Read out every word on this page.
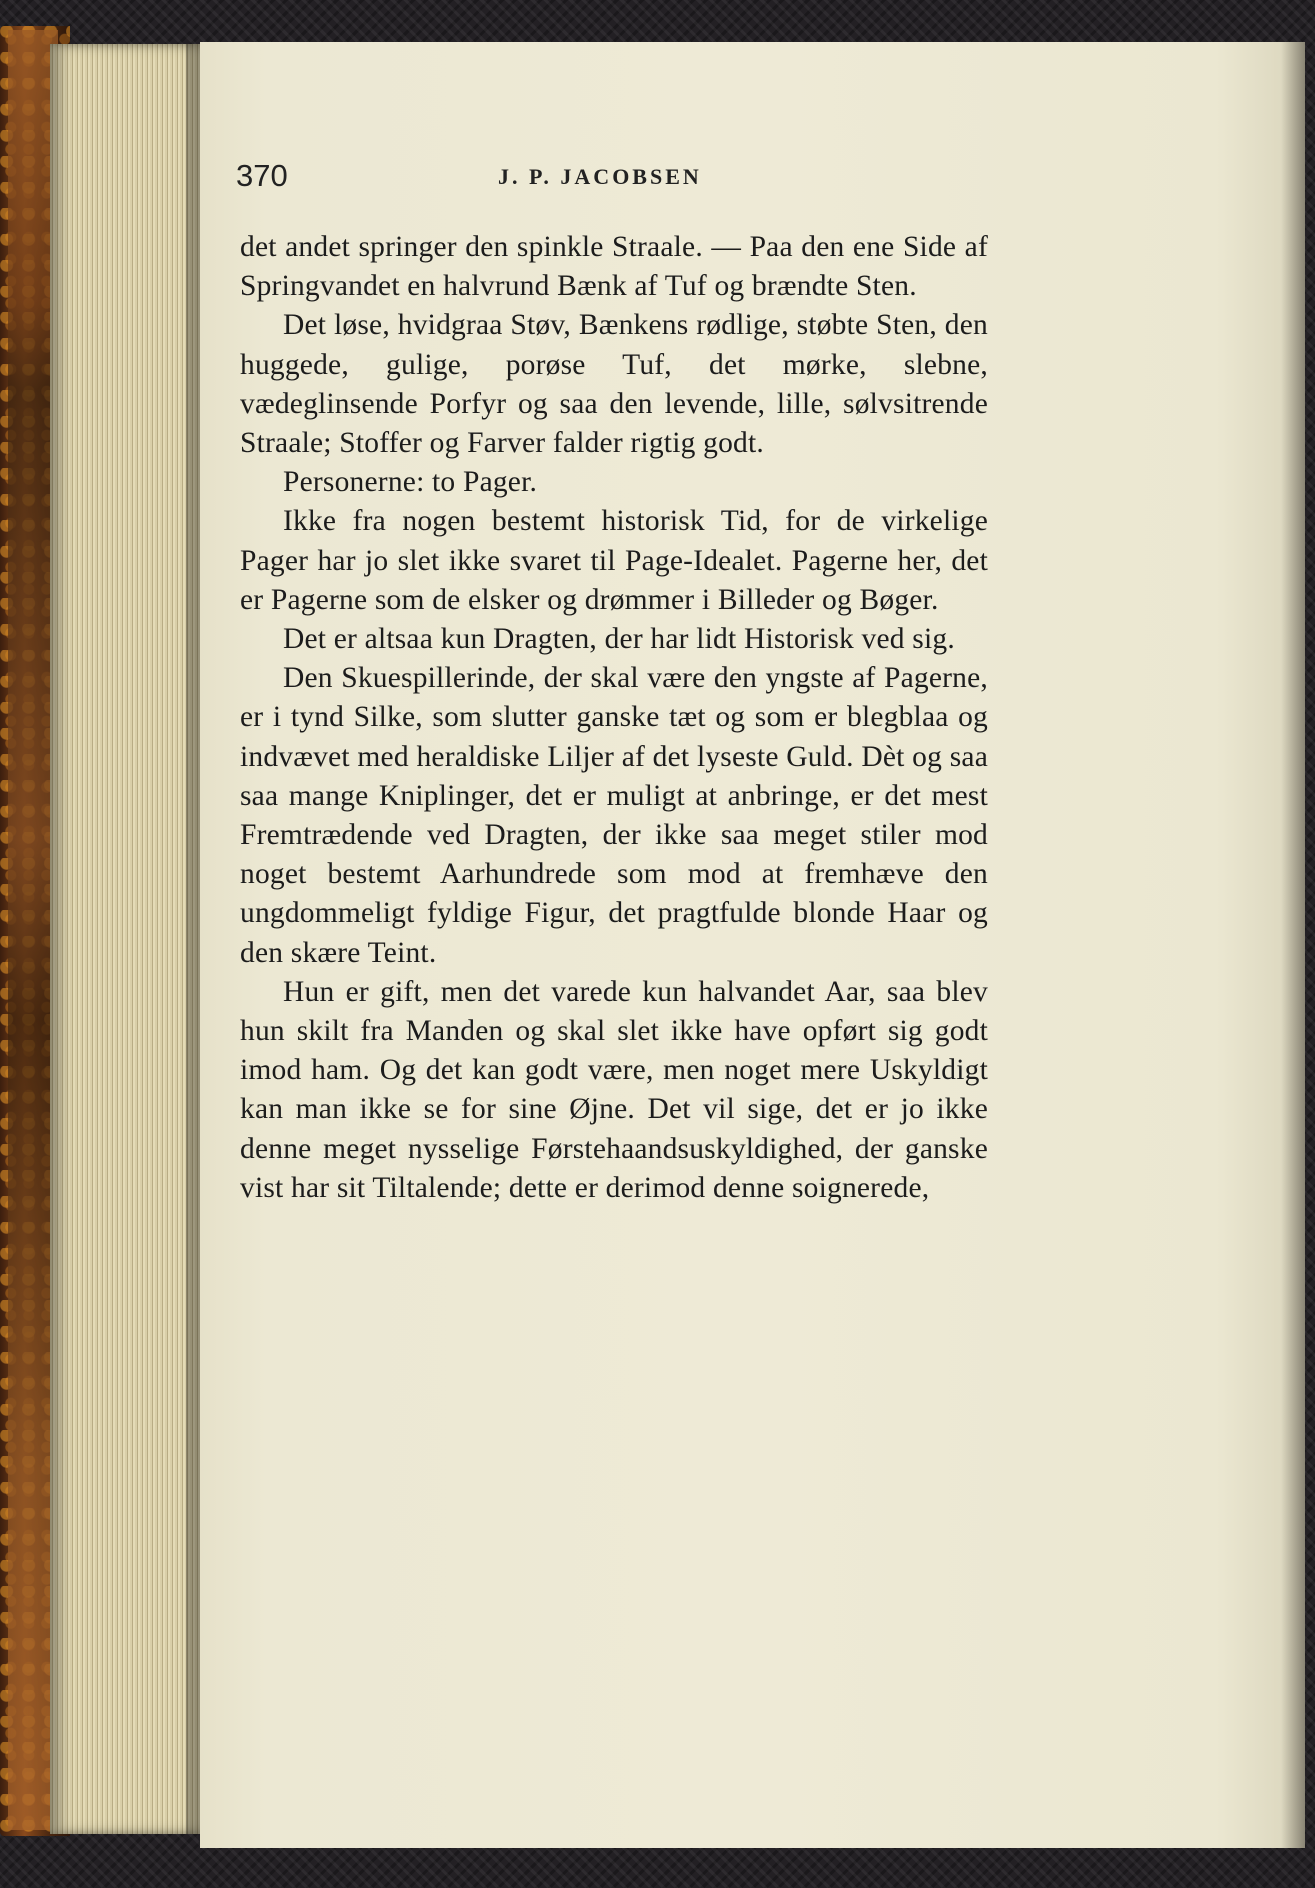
370	J. P. JACOBSEN

det andet springer den spinkle Straale. — Paa den ene Side af Springvandet en halvrund Bænk af Tuf og brændte Sten.

Det løse, hvidgraa Støv, Bænkens rødlige, støbte Sten, den huggede, gulige, porøse Tuf, det mørke, slebne, vædeglinsende Porfyr og saa den levende, lille, sølvsitrende Straale; Stoffer og Farver falder rigtig godt.

Personerne: to Pager.

Ikke fra nogen bestemt historisk Tid, for de virkelige Pager har jo slet ikke svaret til Page-Idealet. Pagerne her, det er Pagerne som de elsker og drømmer i Billeder og Bøger.

Det er altsaa kun Dragten, der har lidt Historisk ved sig.

Den Skuespillerinde, der skal være den yngste af Pagerne, er i tynd Silke, som slutter ganske tæt og som er blegblaa og indvævet med heraldiske Liljer af det lyseste Guld. Dèt og saa saa mange Kniplinger, det er muligt at anbringe, er det mest Fremtrædende ved Dragten, der ikke saa meget stiler mod noget bestemt Aarhundrede som mod at fremhæve den ungdommeligt fyldige Figur, det pragtfulde blonde Haar og den skære Teint.

Hun er gift, men det varede kun halvandet Aar, saa blev hun skilt fra Manden og skal slet ikke have opført sig godt imod ham. Og det kan godt være, men noget mere Uskyldigt kan man ikke se for sine Øjne. Det vil sige, det er jo ikke denne meget nysselige Førstehaandsuskyldighed, der ganske vist har sit Tiltalende; dette er derimod denne soignerede,
